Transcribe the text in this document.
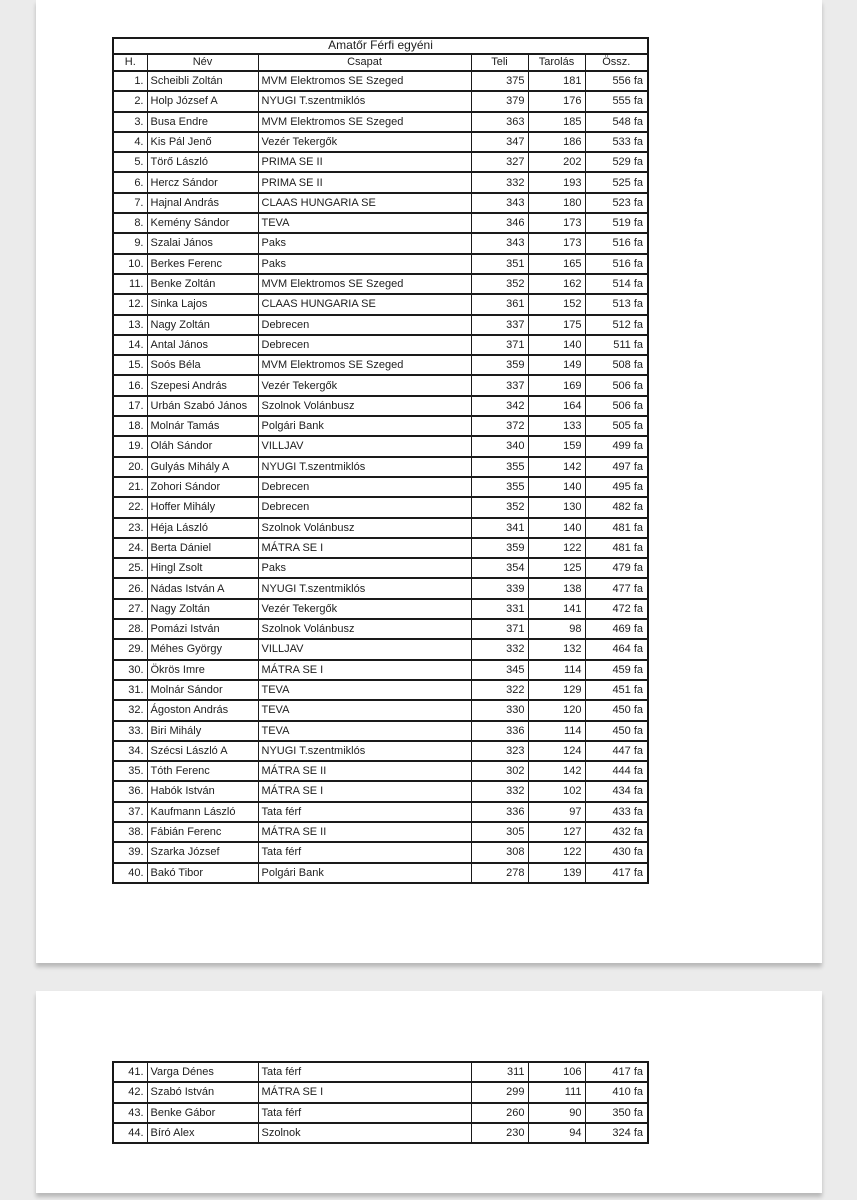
Amatőr Férfi egyéni					
H.	Név	Csapat	Teli	Tarolás	Össz.
1.	Scheibli Zoltán	MVM Elektromos SE Szeged	375	181	556 fa
2.	Holp József A	NYUGI T.szentmiklós	379	176	555 fa
3.	Busa Endre	MVM Elektromos SE Szeged	363	185	548 fa
4.	Kis Pál Jenő	Vezér Tekergők	347	186	533 fa
5.	Törő László	PRIMA SE II	327	202	529 fa
6.	Hercz Sándor	PRIMA SE II	332	193	525 fa
7.	Hajnal András	CLAAS HUNGARIA SE	343	180	523 fa
8.	Kemény Sándor	TEVA	346	173	519 fa
9.	Szalai János	Paks	343	173	516 fa
10.	Berkes Ferenc	Paks	351	165	516 fa
11.	Benke Zoltán	MVM Elektromos SE Szeged	352	162	514 fa
12.	Sinka Lajos	CLAAS HUNGARIA SE	361	152	513 fa
13.	Nagy Zoltán	Debrecen	337	175	512 fa
14.	Antal János	Debrecen	371	140	511 fa
15.	Soós Béla	MVM Elektromos SE Szeged	359	149	508 fa
16.	Szepesi András	Vezér Tekergők	337	169	506 fa
17.	Urbán Szabó János	Szolnok Volánbusz	342	164	506 fa
18.	Molnár Tamás	Polgári Bank	372	133	505 fa
19.	Oláh Sándor	VILLJAV	340	159	499 fa
20.	Gulyás Mihály A	NYUGI T.szentmiklós	355	142	497 fa
21.	Zohori Sándor	Debrecen	355	140	495 fa
22.	Hoffer Mihály	Debrecen	352	130	482 fa
23.	Héja László	Szolnok Volánbusz	341	140	481 fa
24.	Berta Dániel	MÁTRA SE I	359	122	481 fa
25.	Hingl Zsolt	Paks	354	125	479 fa
26.	Nádas István A	NYUGI T.szentmiklós	339	138	477 fa
27.	Nagy Zoltán	Vezér Tekergők	331	141	472 fa
28.	Pomázi István	Szolnok Volánbusz	371	98	469 fa
29.	Méhes György	VILLJAV	332	132	464 fa
30.	Ökrös Imre	MÁTRA SE I	345	114	459 fa
31.	Molnár Sándor	TEVA	322	129	451 fa
32.	Ágoston András	TEVA	330	120	450 fa
33.	Biri Mihály	TEVA	336	114	450 fa
34.	Szécsi László A	NYUGI T.szentmiklós	323	124	447 fa
35.	Tóth Ferenc	MÁTRA SE II	302	142	444 fa
36.	Habók István	MÁTRA SE I	332	102	434 fa
37.	Kaufmann László	Tata férf	336	97	433 fa
38.	Fábián Ferenc	MÁTRA SE II	305	127	432 fa
39.	Szarka József	Tata férf	308	122	430 fa
40.	Bakó Tibor	Polgári Bank	278	139	417 fa
41.	Varga Dénes	Tata férf	311	106	417 fa
42.	Szabó István	MÁTRA SE I	299	111	410 fa
43.	Benke Gábor	Tata férf	260	90	350 fa
44.	Bíró Alex	Szolnok	230	94	324 fa
